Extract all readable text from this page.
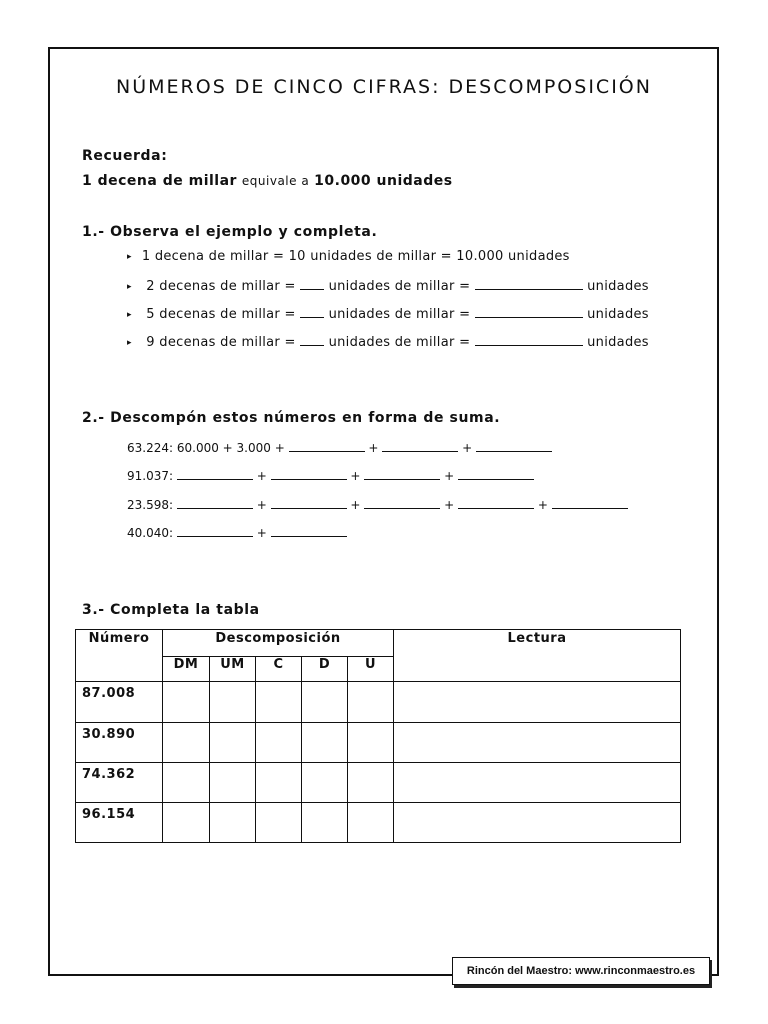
NÚMEROS DE CINCO CIFRAS: DESCOMPOSICIÓN
Recuerda:
1 decena de millar equivale a 10.000 unidades
1.- Observa el ejemplo y completa.
▸ 1 decena de millar = 10 unidades de millar = 10.000 unidades
▸ 2 decenas de millar =	unidades de millar =	unidades
▸ 5 decenas de millar =	unidades de millar =	unidades
▸ 9 decenas de millar =	unidades de millar =	unidades
2.- Descompón estos números en forma de suma.
63.224: 60.000 + 3.000 +	+	+
91.037:	+	+	+
23.598:	+	+	+	+
40.040:	+
3.- Completa la tabla
Número	Descomposición					Lectura
	DM	UM	C	D	U	
87.008						
30.890						
74.362						
96.154						
Rincón del Maestro: www.rinconmaestro.es
